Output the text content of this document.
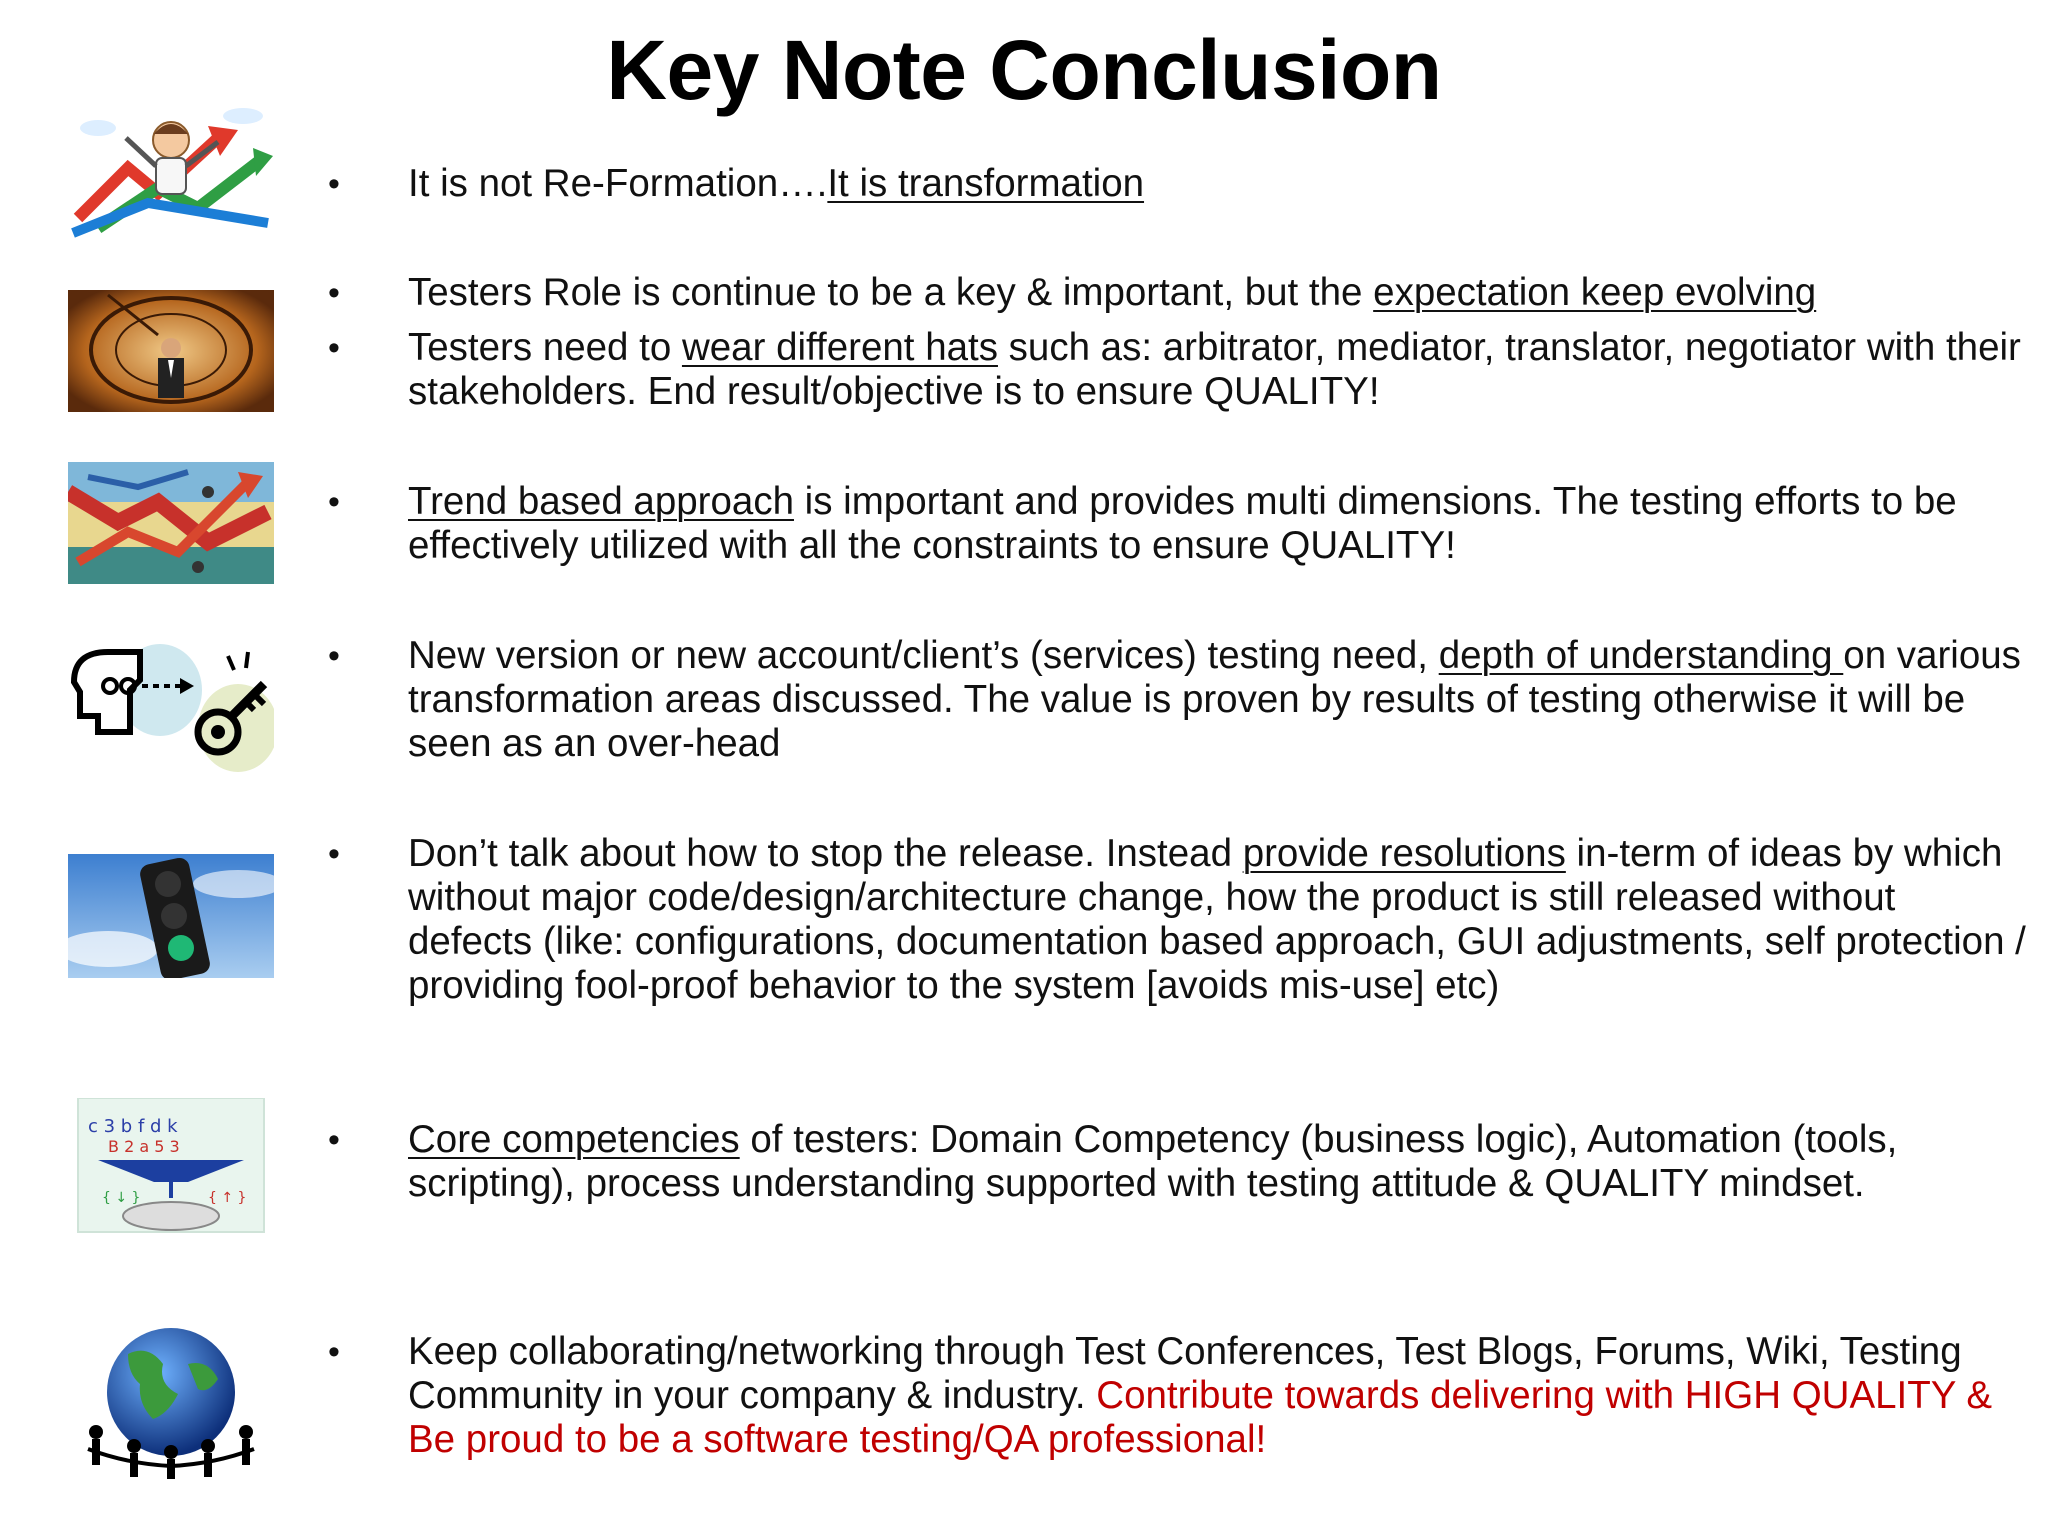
Key Note Conclusion
c 3 b f d k
B 2 a 5 3
{ ↓ }	{ ↑ }
•
•
•
•
•
•
•
•
It is not Re-Formation….It is transformation
Testers Role is continue to be a key & important, but the expectation keep evolving
Testers need to wear different hats such as: arbitrator, mediator, translator, negotiator with their stakeholders. End result/objective is to ensure QUALITY!
Trend based approach is important and provides multi dimensions. The testing efforts to be effectively utilized with all the constraints to ensure QUALITY!
New version or new account/client’s (services) testing need, depth of understanding on various transformation areas discussed. The value is proven by results of testing otherwise it will be seen as an over-head
Don’t talk about how to stop the release. Instead provide resolutions in-term of ideas by which without major code/design/architecture change, how the product is still released without defects (like: configurations, documentation based approach, GUI adjustments, self protection / providing fool-proof behavior to the system [avoids mis-use] etc)
Core competencies of testers: Domain Competency (business logic), Automation (tools, scripting), process understanding supported with testing attitude & QUALITY mindset.
Keep collaborating/networking through Test Conferences, Test Blogs, Forums, Wiki, Testing Community in your company & industry. Contribute towards delivering with HIGH QUALITY & Be proud to be a software testing/QA professional!
